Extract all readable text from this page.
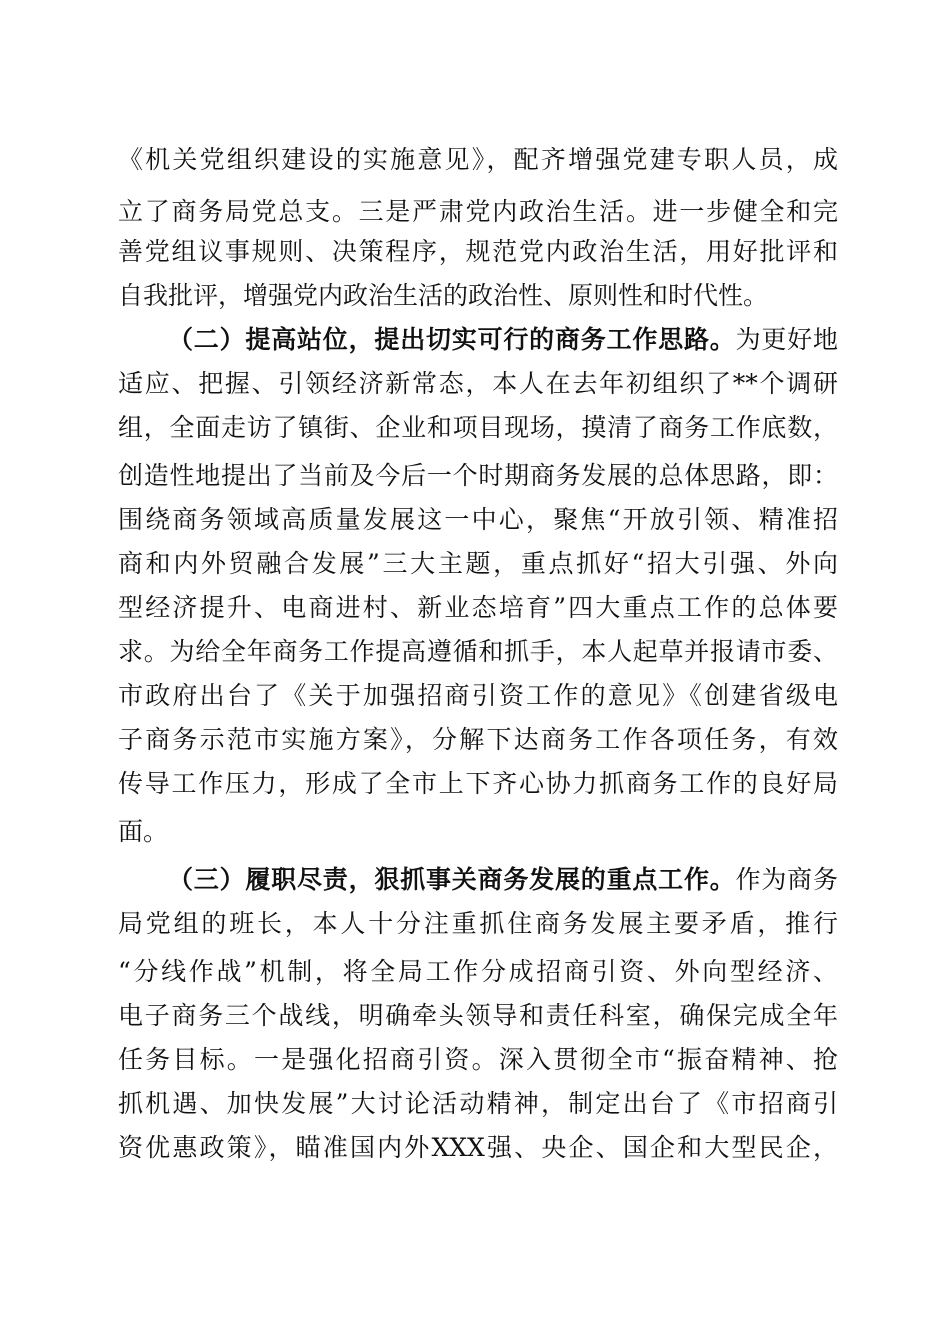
《机关党组织建设的实施意见》，配齐增强党建专职人员，成
立了商务局党总支。三是严肃党内政治生活。进一步健全和完
善党组议事规则、决策程序，规范党内政治生活，用好批评和
自我批评，增强党内政治生活的政治性、原则性和时代性。
（二）提高站位，提出切实可行的商务工作思路。为更好地
适应、把握、引领经济新常态，本人在去年初组织了**个调研
组，全面走访了镇街、企业和项目现场，摸清了商务工作底数，
创造性地提出了当前及今后一个时期商务发展的总体思路，即：
围绕商务领域高质量发展这一中心，聚焦“开放引领、精准招
商和内外贸融合发展”三大主题，重点抓好“招大引强、外向
型经济提升、电商进村、新业态培育”四大重点工作的总体要
求。为给全年商务工作提高遵循和抓手，本人起草并报请市委、
市政府出台了《关于加强招商引资工作的意见》《创建省级电
子商务示范市实施方案》，分解下达商务工作各项任务，有效
传导工作压力，形成了全市上下齐心协力抓商务工作的良好局
面。
（三）履职尽责，狠抓事关商务发展的重点工作。作为商务
局党组的班长，本人十分注重抓住商务发展主要矛盾，推行
“分线作战”机制，将全局工作分成招商引资、外向型经济、
电子商务三个战线，明确牵头领导和责任科室，确保完成全年
任务目标。一是强化招商引资。深入贯彻全市“振奋精神、抢
抓机遇、加快发展”大讨论活动精神，制定出台了《市招商引
资优惠政策》，瞄准国内外XXX强、央企、国企和大型民企，
